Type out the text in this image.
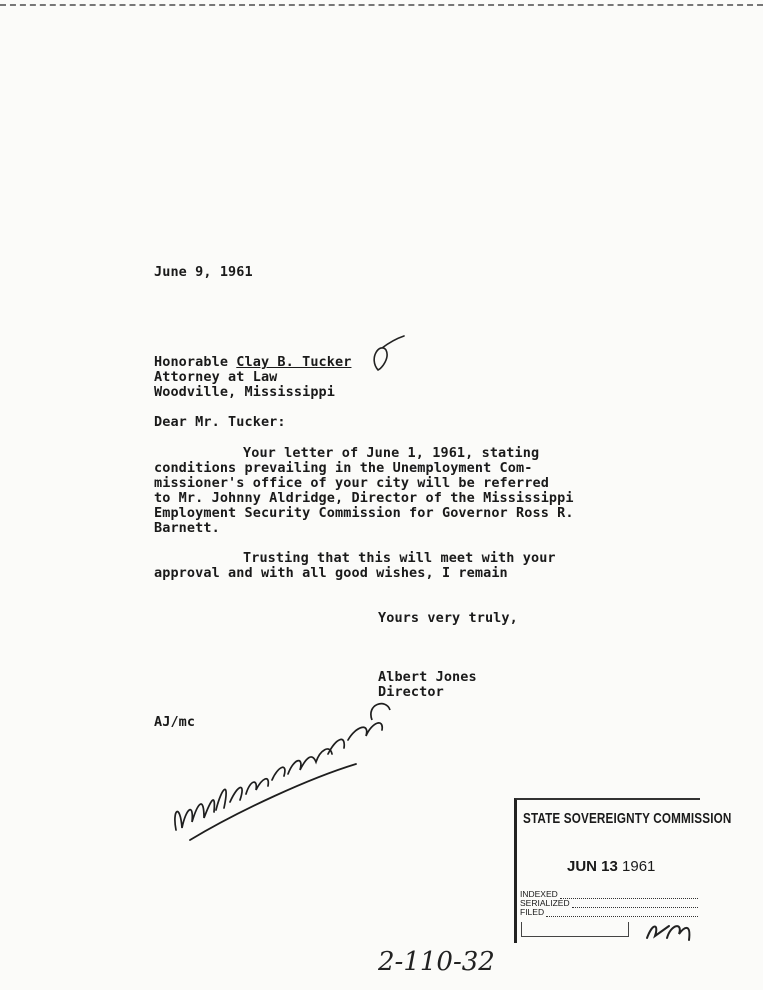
June 9, 1961
Honorable Clay B. Tucker
Attorney at Law
Woodville, Mississippi
Dear Mr. Tucker:
Your letter of June 1, 1961, stating
conditions prevailing in the Unemployment Com-
missioner's office of your city will be referred
to Mr. Johnny Aldridge, Director of the Mississippi
Employment Security Commission for Governor Ross R.
Barnett.
Trusting that this will meet with your
approval and with all good wishes, I remain
Yours very truly,
Albert Jones
Director
AJ/mc
STATE SOVEREIGNTY COMMISSION
JUN 13 1961
INDEXED
SERIALIZED
FILED
2-110-32
